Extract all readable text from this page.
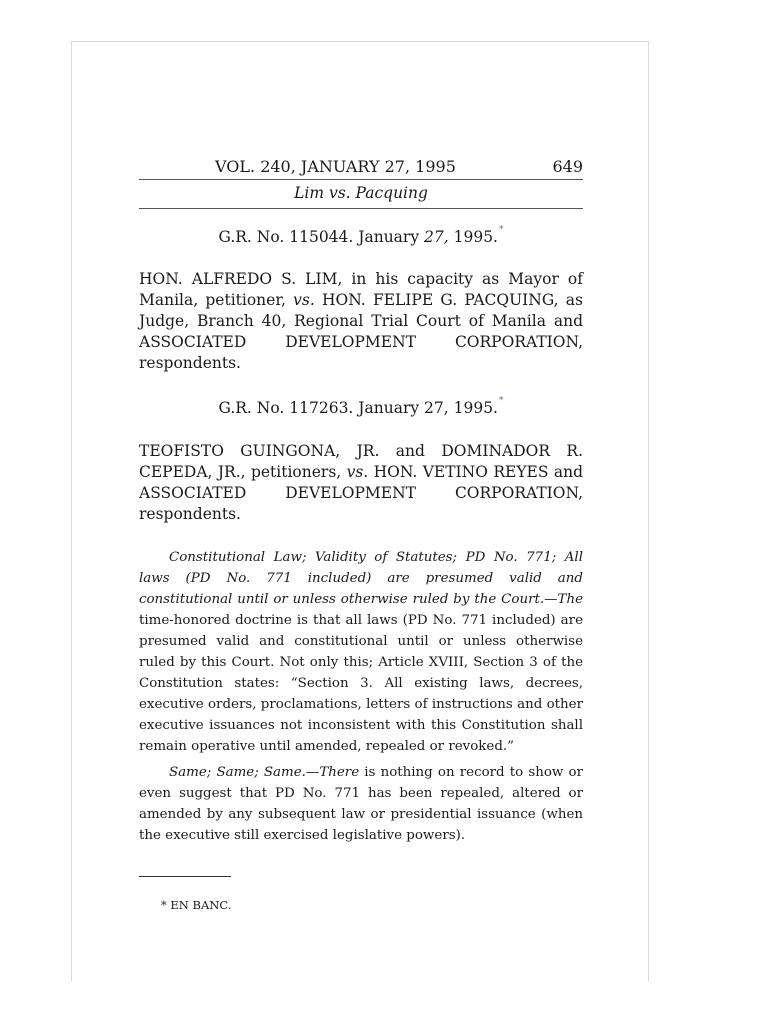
VOL. 240, JANUARY 27, 1995	649
Lim vs. Pacquing
G.R. No. 115044. January 27, 1995.*
HON. ALFREDO S. LIM, in his capacity as Mayor of
Manila, petitioner, vs. HON. FELIPE G. PACQUING, as
Judge, Branch 40, Regional Trial Court of Manila and
ASSOCIATED DEVELOPMENT CORPORATION,
respondents.
G.R. No. 117263. January 27, 1995.*
TEOFISTO GUINGONA, JR. and DOMINADOR R.
CEPEDA, JR., petitioners, vs. HON. VETINO REYES and
ASSOCIATED DEVELOPMENT CORPORATION,
respondents.

Constitutional Law; Validity of Statutes; PD No. 771; All laws (PD No. 771 included) are presumed valid and constitutional until or unless otherwise ruled by the Court.—The time-honored doctrine is that all laws (PD No. 771 included) are presumed valid and constitutional until or unless otherwise ruled by this Court. Not only this; Article XVIII, Section 3 of the Constitution states: “Section 3. All existing laws, decrees, executive orders, proclamations, letters of instructions and other executive issuances not inconsistent with this Constitution shall remain operative until amended, repealed or revoked.”

Same; Same; Same.—There is nothing on record to show or even suggest that PD No. 771 has been repealed, altered or amended by any subsequent law or presidential issuance (when the executive still exercised legislative powers).

* EN BANC.
